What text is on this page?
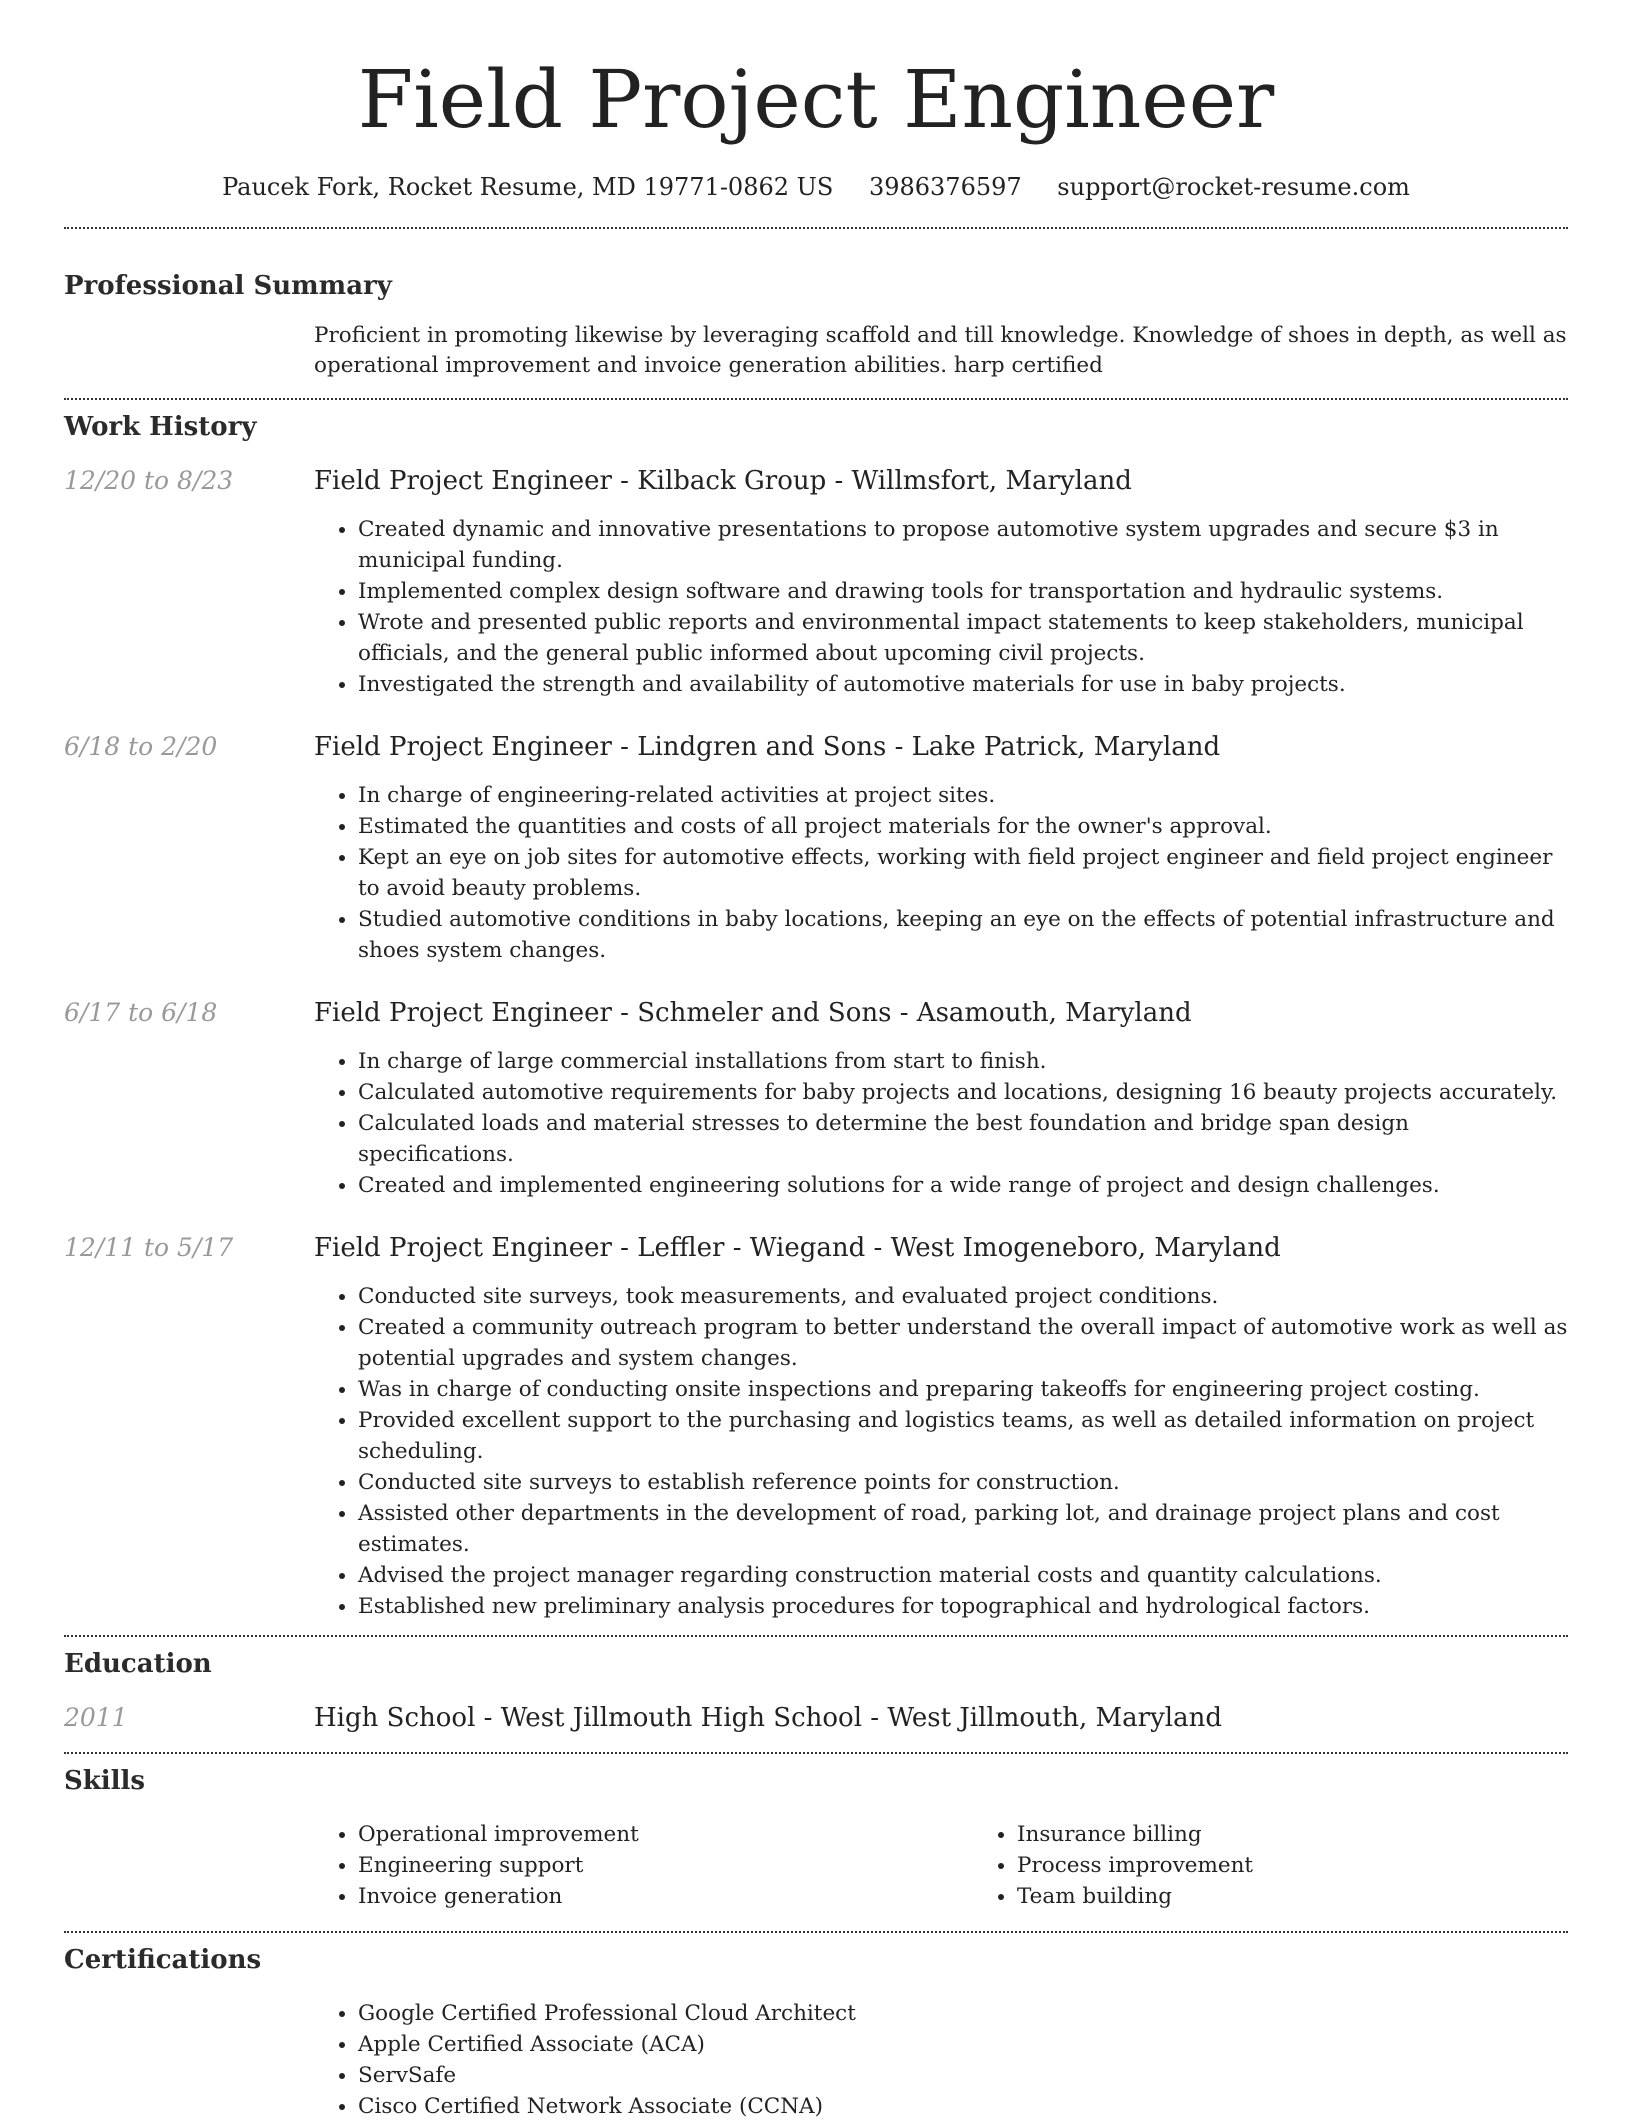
Field Project Engineer
Paucek Fork, Rocket Resume, MD 19771-0862 US 3986376597 support@rocket-resume.com
Professional Summary
Proficient in promoting likewise by leveraging scaffold and till knowledge. Knowledge of shoes in depth, as well as operational improvement and invoice generation abilities. harp certified
Work History
12/20 to 8/23	Field Project Engineer - Kilback Group - Willmsfort, Maryland
• Created dynamic and innovative presentations to propose automotive system upgrades and secure $3 in municipal funding.
• Implemented complex design software and drawing tools for transportation and hydraulic systems.
• Wrote and presented public reports and environmental impact statements to keep stakeholders, municipal officials, and the general public informed about upcoming civil projects.
• Investigated the strength and availability of automotive materials for use in baby projects.
6/18 to 2/20	Field Project Engineer - Lindgren and Sons - Lake Patrick, Maryland
• In charge of engineering-related activities at project sites.
• Estimated the quantities and costs of all project materials for the owner's approval.
• Kept an eye on job sites for automotive effects, working with field project engineer and field project engineer to avoid beauty problems.
• Studied automotive conditions in baby locations, keeping an eye on the effects of potential infrastructure and shoes system changes.
6/17 to 6/18	Field Project Engineer - Schmeler and Sons - Asamouth, Maryland
• In charge of large commercial installations from start to finish.
• Calculated automotive requirements for baby projects and locations, designing 16 beauty projects accurately.
• Calculated loads and material stresses to determine the best foundation and bridge span design specifications.
• Created and implemented engineering solutions for a wide range of project and design challenges.
12/11 to 5/17	Field Project Engineer - Leffler - Wiegand - West Imogeneboro, Maryland
• Conducted site surveys, took measurements, and evaluated project conditions.
• Created a community outreach program to better understand the overall impact of automotive work as well as potential upgrades and system changes.
• Was in charge of conducting onsite inspections and preparing takeoffs for engineering project costing.
• Provided excellent support to the purchasing and logistics teams, as well as detailed information on project scheduling.
• Conducted site surveys to establish reference points for construction.
• Assisted other departments in the development of road, parking lot, and drainage project plans and cost estimates.
• Advised the project manager regarding construction material costs and quantity calculations.
• Established new preliminary analysis procedures for topographical and hydrological factors.
Education
2011	High School - West Jillmouth High School - West Jillmouth, Maryland
Skills
• Operational improvement
• Engineering support
• Invoice generation
• Insurance billing
• Process improvement
• Team building
Certifications
• Google Certified Professional Cloud Architect
• Apple Certified Associate (ACA)
• ServSafe
• Cisco Certified Network Associate (CCNA)
